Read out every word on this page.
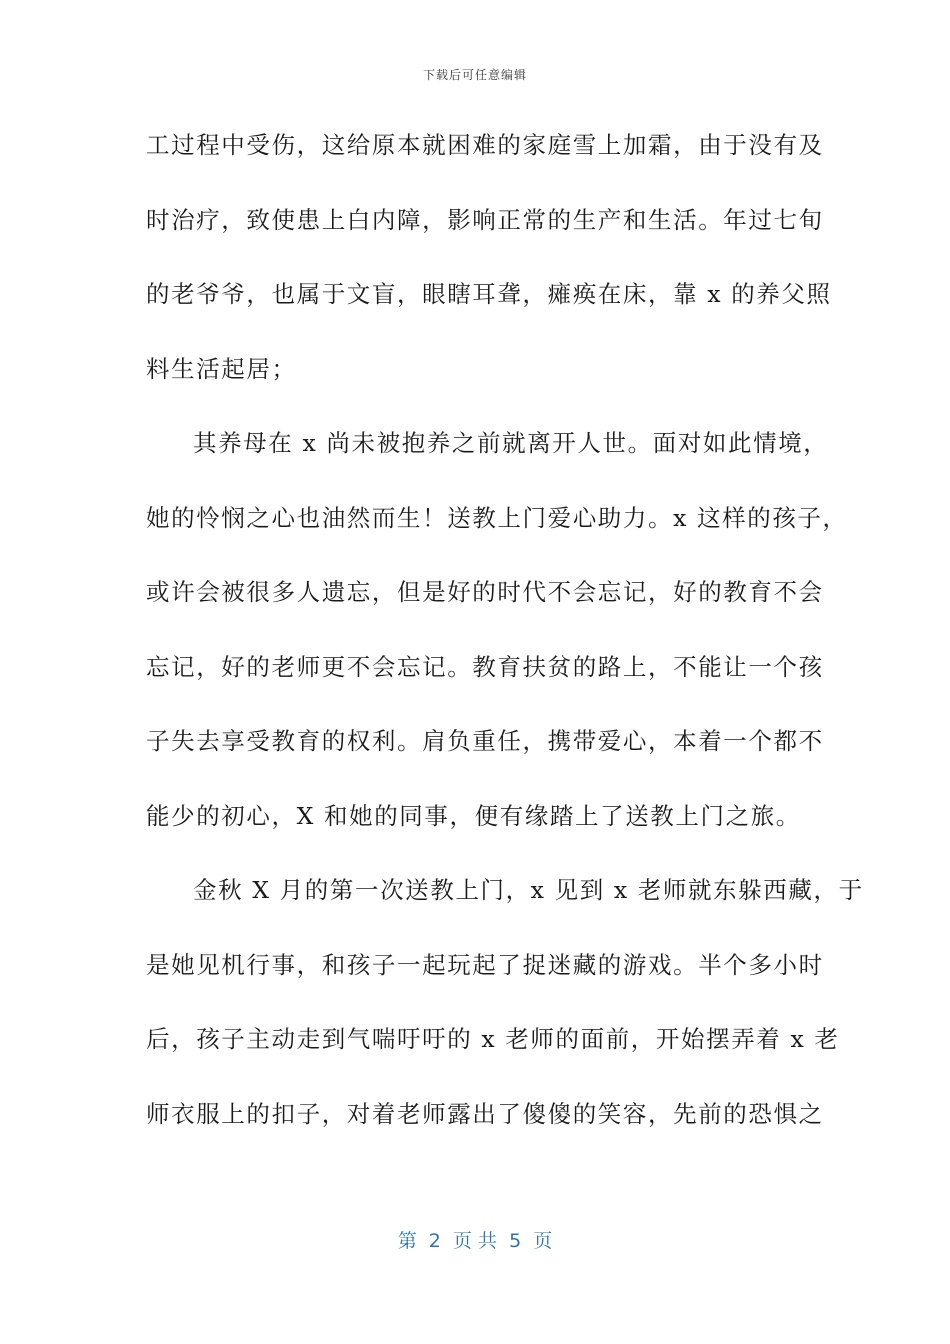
下载后可任意编辑
工过程中受伤，这给原本就困难的家庭雪上加霜，由于没有及
时治疗，致使患上白内障，影响正常的生产和生活。年过七旬
的老爷爷，也属于文盲，眼瞎耳聋，瘫痪在床，靠 x 的养父照
料生活起居；
其养母在 x 尚未被抱养之前就离开人世。面对如此情境，
她的怜悯之心也油然而生！送教上门爱心助力。x 这样的孩子，
或许会被很多人遗忘，但是好的时代不会忘记，好的教育不会
忘记，好的老师更不会忘记。教育扶贫的路上，不能让一个孩
子失去享受教育的权利。肩负重任，携带爱心，本着一个都不
能少的初心，X 和她的同事，便有缘踏上了送教上门之旅。
金秋 X 月的第一次送教上门，x 见到 x 老师就东躲西藏，于
是她见机行事，和孩子一起玩起了捉迷藏的游戏。半个多小时
后，孩子主动走到气喘吁吁的 x 老师的面前，开始摆弄着 x 老
师衣服上的扣子，对着老师露出了傻傻的笑容，先前的恐惧之
第  2  页 共  5  页
